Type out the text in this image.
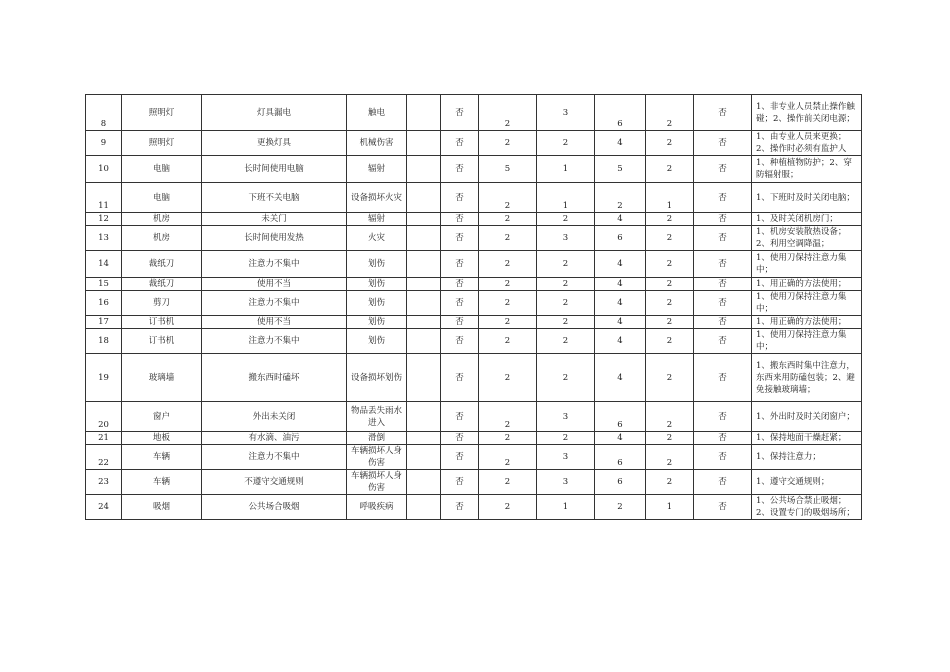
8	照明灯	灯具漏电	触电		否	2	3	6	2	否	1、非专业人员禁止操作触碰；2、操作前关闭电源；
9	照明灯	更换灯具	机械伤害		否	2	2	4	2	否	1、由专业人员来更换；2、操作时必须有监护人
10	电脑	长时间使用电脑	辐射		否	5	1	5	2	否	1、种植植物防护；2、穿防辐射服；
11	电脑	下班不关电脑	设备损坏火灾		否	2	1	2	1	否	1、下班时及时关闭电脑；
12	机房	未关门	辐射		否	2	2	4	2	否	1、及时关闭机房门；
13	机房	长时间使用发热	火灾		否	2	3	6	2	否	1、机房安装散热设备；2、利用空调降温；
14	裁纸刀	注意力不集中	划伤		否	2	2	4	2	否	1、使用刀保持注意力集中；
15	裁纸刀	使用不当	划伤		否	2	2	4	2	否	1、用正确的方法使用；
16	剪刀	注意力不集中	划伤		否	2	2	4	2	否	1、使用刀保持注意力集中；
17	订书机	使用不当	划伤		否	2	2	4	2	否	1、用正确的方法使用；
18	订书机	注意力不集中	划伤		否	2	2	4	2	否	1、使用刀保持注意力集中；
19	玻璃墙	搬东西时磕坏	设备损坏划伤		否	2	2	4	2	否	1、搬东西时集中注意力，东西来用防磕包装；2、避免接触玻璃墙；
20	窗户	外出未关闭	物品丢失雨水进入		否	2	3	6	2	否	1、外出时及时关闭窗户；
21	地板	有水滴、油污	滑倒		否	2	2	4	2	否	1、保持地面干燥赶紧；
22	车辆	注意力不集中	车辆损坏人身伤害		否	2	3	6	2	否	1、保持注意力；
23	车辆	不遵守交通规则	车辆损坏人身伤害		否	2	3	6	2	否	1、遵守交通规则；
24	吸烟	公共场合吸烟	呼吸疾病		否	2	1	2	1	否	1、公共场合禁止吸烟；2、设置专门的吸烟场所；
